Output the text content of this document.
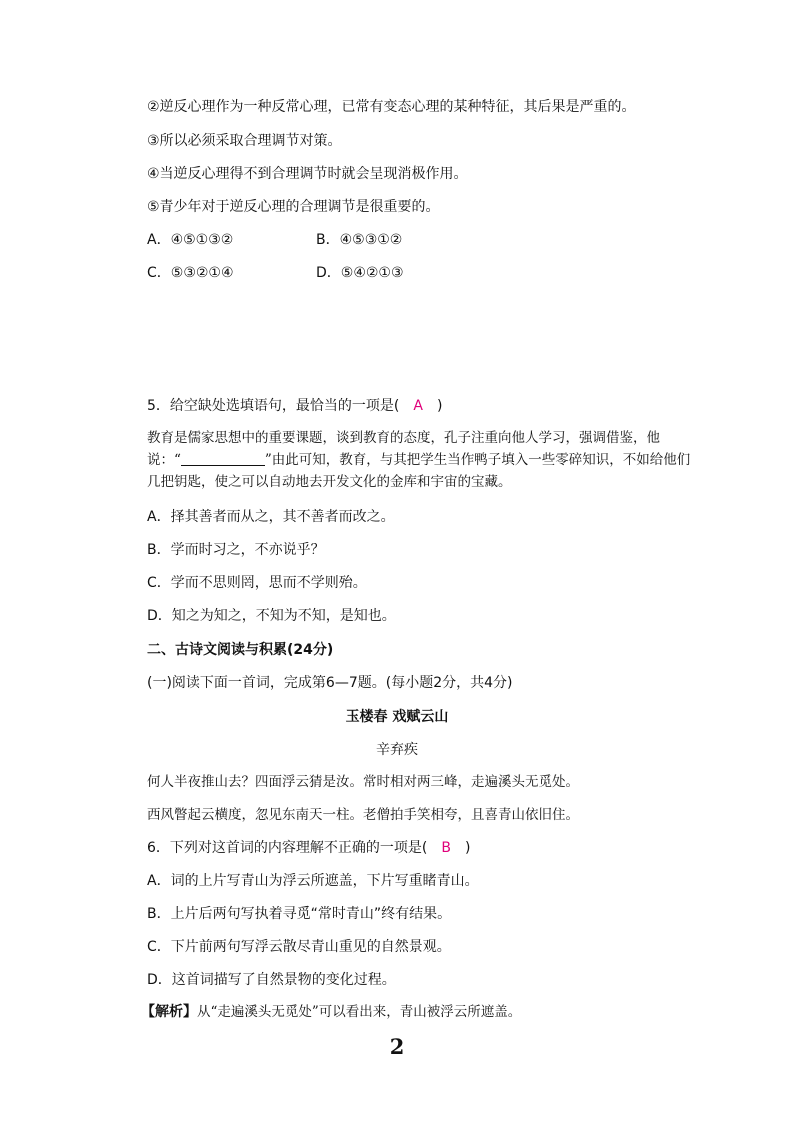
②逆反心理作为一种反常心理，已常有变态心理的某种特征，其后果是严重的。
③所以必须采取合理调节对策。
④当逆反心理得不到合理调节时就会呈现消极作用。
⑤青少年对于逆反心理的合理调节是很重要的。
A．④⑤①③②	B．④⑤③①②
C．⑤③②①④	D．⑤④②①③
5．给空缺处选填语句，最恰当的一项是(　A　)
教育是儒家思想中的重要课题，谈到教育的态度，孔子注重向他人学习，强调借鉴，他
说：“	”由此可知，教育，与其把学生当作鸭子填入一些零碎知识，不如给他们
几把钥匙，使之可以自动地去开发文化的金库和宇宙的宝藏。
A．择其善者而从之，其不善者而改之。
B．学而时习之，不亦说乎？
C．学而不思则罔，思而不学则殆。
D．知之为知之，不知为不知，是知也。
二、古诗文阅读与积累(24分)
(一)阅读下面一首词，完成第6—7题。(每小题2分，共4分)
玉楼春 戏赋云山
辛弃疾
何人半夜推山去？四面浮云猜是汝。常时相对两三峰，走遍溪头无觅处。
西风瞥起云横度，忽见东南天一柱。老僧拍手笑相夸，且喜青山依旧住。
6．下列对这首词的内容理解不正确的一项是(　B　)
A．词的上片写青山为浮云所遮盖，下片写重睹青山。
B．上片后两句写执着寻觅“常时青山”终有结果。
C．下片前两句写浮云散尽青山重见的自然景观。
D．这首词描写了自然景物的变化过程。
【解析】从“走遍溪头无觅处”可以看出来，青山被浮云所遮盖。
2
